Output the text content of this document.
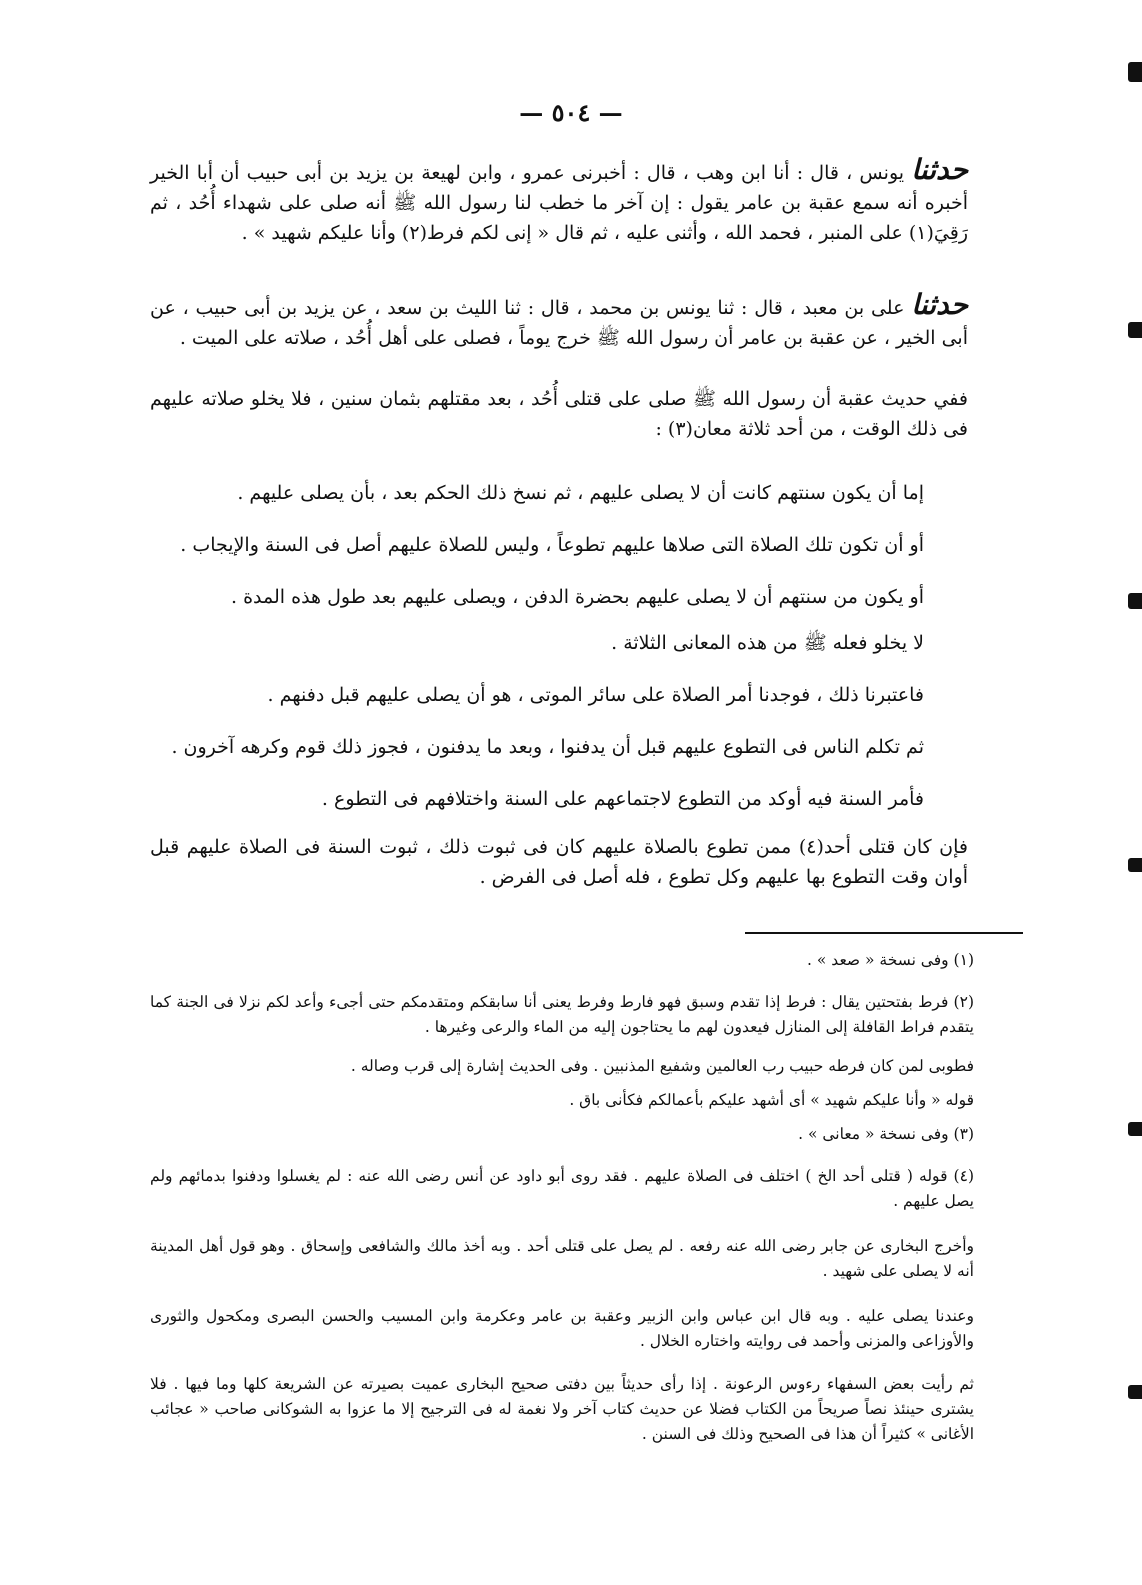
— ٥٠٤ —

حدثنا يونس ، قال : أنا ابن وهب ، قال : أخبرنى عمرو ، وابن لهيعة بن يزيد بن أبى حبيب أن أبا الخير أخبره أنه سمع عقبة بن عامر يقول : إن آخر ما خطب لنا رسول الله ﷺ أنه صلى على شهداء أُحُد ، ثم رَقِيَ(١) على المنبر ، فحمد الله ، وأثنى عليه ، ثم قال « إنى لكم فرط(٢) وأنا عليكم شهيد » .

حدثنا على بن معبد ، قال : ثنا يونس بن محمد ، قال : ثنا الليث بن سعد ، عن يزيد بن أبى حبيب ، عن أبى الخير ، عن عقبة بن عامر أن رسول الله ﷺ خرج يوماً ، فصلى على أهل أُحُد ، صلاته على الميت .

ففي حديث عقبة أن رسول الله ﷺ صلى على قتلى أُحُد ، بعد مقتلهم بثمان سنين ، فلا يخلو صلاته عليهم فى ذلك الوقت ، من أحد ثلاثة معان(٣) :

إما أن يكون سنتهم كانت أن لا يصلى عليهم ، ثم نسخ ذلك الحكم بعد ، بأن يصلى عليهم .

أو أن تكون تلك الصلاة التى صلاها عليهم تطوعاً ، وليس للصلاة عليهم أصل فى السنة والإيجاب .

أو يكون من سنتهم أن لا يصلى عليهم بحضرة الدفن ، ويصلى عليهم بعد طول هذه المدة .

لا يخلو فعله ﷺ من هذه المعانى الثلاثة .

فاعتبرنا ذلك ، فوجدنا أمر الصلاة على سائر الموتى ، هو أن يصلى عليهم قبل دفنهم .

ثم تكلم الناس فى التطوع عليهم قبل أن يدفنوا ، وبعد ما يدفنون ، فجوز ذلك قوم وكرهه آخرون .

فأمر السنة فيه أوكد من التطوع لاجتماعهم على السنة واختلافهم فى التطوع .

فإن كان قتلى أحد(٤) ممن تطوع بالصلاة عليهم كان فى ثبوت ذلك ، ثبوت السنة فى الصلاة عليهم قبل أوان وقت التطوع بها عليهم وكل تطوع ، فله أصل فى الفرض .

(١) وفى نسخة « صعد » .

(٢) فرط بفتحتين يقال : فرط إذا تقدم وسبق فهو فارط وفرط يعنى أنا سابقكم ومتقدمكم حتى أجىء وأعد لكم نزلا فى الجنة كما يتقدم فراط القافلة إلى المنازل فيعدون لهم ما يحتاجون إليه من الماء والرعى وغيرها .

فطوبى لمن كان فرطه حبيب رب العالمين وشفيع المذنبين . وفى الحديث إشارة إلى قرب وصاله .

قوله « وأنا عليكم شهيد » أى أشهد عليكم بأعمالكم فكأنى باق .

(٣) وفى نسخة « معانى » .

(٤) قوله ( قتلى أحد الخ ) اختلف فى الصلاة عليهم . فقد روى أبو داود عن أنس رضى الله عنه : لم يغسلوا ودفنوا بدمائهم ولم يصل عليهم .

وأخرج البخارى عن جابر رضى الله عنه رفعه . لم يصل على قتلى أحد . وبه أخذ مالك والشافعى وإسحاق . وهو قول أهل المدينة أنه لا يصلى على شهيد .

وعندنا يصلى عليه . وبه قال ابن عباس وابن الزبير وعقبة بن عامر وعكرمة وابن المسيب والحسن البصرى ومكحول والثورى والأوزاعى والمزنى وأحمد فى روايته واختاره الخلال .

ثم رأيت بعض السفهاء رءوس الرعونة . إذا رأى حديثاً بين دفتى صحيح البخارى عميت بصيرته عن الشريعة كلها وما فيها . فلا يشترى حينئذ نصاً صريحاً من الكتاب فضلا عن حديث كتاب آخر ولا نغمة له فى الترجيح إلا ما عزوا به الشوكانى صاحب « عجائب الأغانى » كثيراً أن هذا فى الصحيح وذلك فى السنن .
